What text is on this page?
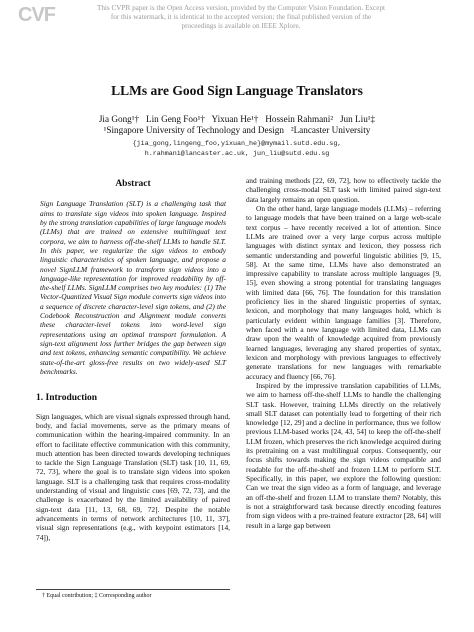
CVF	This CVPR paper is the Open Access version, provided by the Computer Vision Foundation. Except for this watermark, it is identical to the accepted version; the final published version of the proceedings is available on IEEE Xplore.
LLMs are Good Sign Language Translators
Jia Gong¹†   Lin Geng Foo¹†   Yixuan He¹†   Hossein Rahmani²   Jun Liu¹‡
¹Singapore University of Technology and Design   ²Lancaster University
{jia_gong,lingeng_foo,yixuan_he}@mymail.sutd.edu.sg,
h.rahmani@lancaster.ac.uk, jun_liu@sutd.edu.sg
Abstract

Sign Language Translation (SLT) is a challenging task that aims to translate sign videos into spoken language. Inspired by the strong translation capabilities of large language models (LLMs) that are trained on extensive multilingual text corpora, we aim to harness off-the-shelf LLMs to handle SLT. In this paper, we regularize the sign videos to embody linguistic characteristics of spoken language, and propose a novel SignLLM framework to transform sign videos into a language-like representation for improved readability by off-the-shelf LLMs. SignLLM comprises two key modules: (1) The Vector-Quantized Visual Sign module converts sign videos into a sequence of discrete character-level sign tokens, and (2) the Codebook Reconstruction and Alignment module converts these character-level tokens into word-level sign representations using an optimal transport formulation. A sign-text alignment loss further bridges the gap between sign and text tokens, enhancing semantic compatibility. We achieve state-of-the-art gloss-free results on two widely-used SLT benchmarks.

1. Introduction

Sign languages, which are visual signals expressed through hand, body, and facial movements, serve as the primary means of communication within the hearing-impaired community. In an effort to facilitate effective communication with this community, much attention has been directed towards developing techniques to tackle the Sign Language Translation (SLT) task [10, 11, 69, 72, 73], where the goal is to translate sign videos into spoken language. SLT is a challenging task that requires cross-modality understanding of visual and linguistic cues [69, 72, 73], and the challenge is exacerbated by the limited availability of paired sign-text data [11, 13, 68, 69, 72]. Despite the notable advancements in terms of network architectures [10, 11, 37], visual sign representations (e.g., with keypoint estimators [14, 74]),

and training methods [22, 69, 72], how to effectively tackle the challenging cross-modal SLT task with limited paired sign-text data largely remains an open question.

On the other hand, large language models (LLMs) – referring to language models that have been trained on a large web-scale text corpus – have recently received a lot of attention. Since LLMs are trained over a very large corpus across multiple languages with distinct syntax and lexicon, they possess rich semantic understanding and powerful linguistic abilities [9, 15, 58]. At the same time, LLMs have also demonstrated an impressive capability to translate across multiple languages [9, 15], even showing a strong potential for translating languages with limited data [66, 76]. The foundation for this translation proficiency lies in the shared linguistic properties of syntax, lexicon, and morphology that many languages hold, which is particularly evident within language families [3]. Therefore, when faced with a new language with limited data, LLMs can draw upon the wealth of knowledge acquired from previously learned languages, leveraging any shared properties of syntax, lexicon and morphology with previous languages to effectively generate translations for new languages with remarkable accuracy and fluency [66, 76].

Inspired by the impressive translation capabilities of LLMs, we aim to harness off-the-shelf LLMs to handle the challenging SLT task. However, training LLMs directly on the relatively small SLT dataset can potentially lead to forgetting of their rich knowledge [12, 29] and a decline in performance, thus we follow previous LLM-based works [24, 43, 54] to keep the off-the-shelf LLM frozen, which preserves the rich knowledge acquired during its pretraining on a vast multilingual corpus. Consequently, our focus shifts towards making the sign videos compatible and readable for the off-the-shelf and frozen LLM to perform SLT. Specifically, in this paper, we explore the following question: Can we treat the sign video as a form of language, and leverage an off-the-shelf and frozen LLM to translate them? Notably, this is not a straightforward task because directly encoding features from sign videos with a pre-trained feature extractor [28, 64] will result in a large gap between

† Equal contribution; ‡ Corresponding author
